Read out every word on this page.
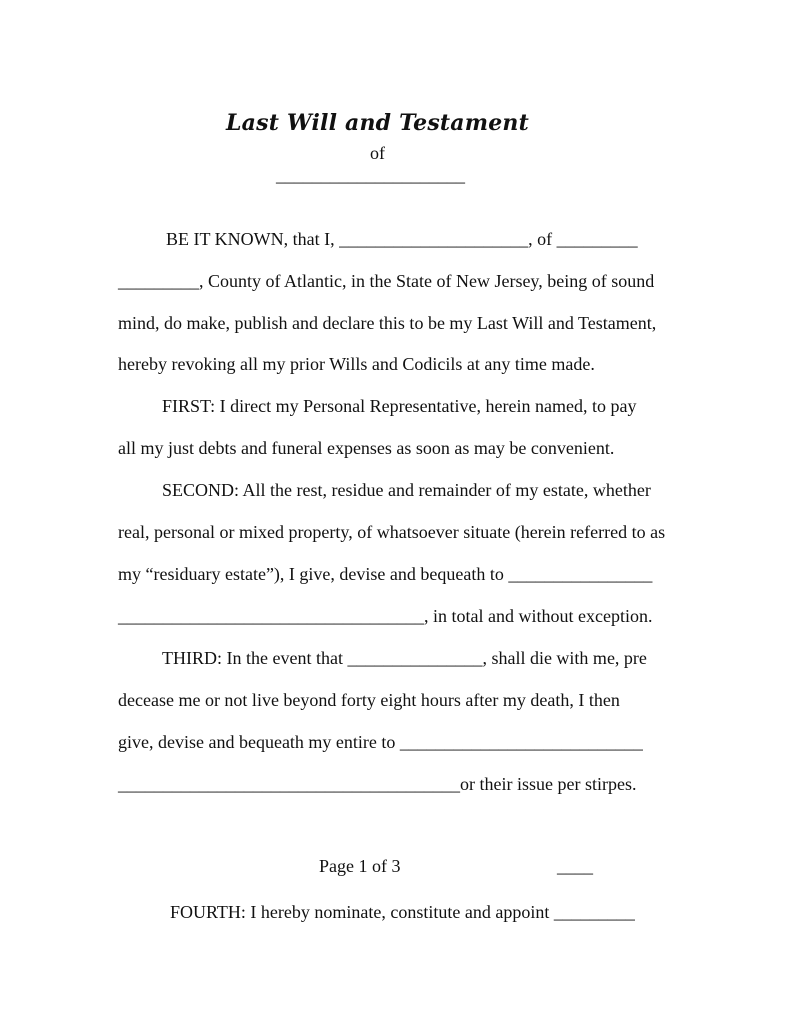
Last Will and Testament
of
_____________________
BE IT KNOWN, that I, _____________________, of _________
_________, County of Atlantic, in the State of New Jersey, being of sound
mind, do make, publish and declare this to be my Last Will and Testament,
hereby revoking all my prior Wills and Codicils at any time made.
FIRST: I direct my Personal Representative, herein named, to pay
all my just debts and funeral expenses as soon as may be convenient.
SECOND: All the rest, residue and remainder of my estate, whether
real, personal or mixed property, of whatsoever situate (herein referred to as
my “residuary estate”), I give, devise and bequeath to ________________
__________________________________, in total and without exception.
THIRD: In the event that _______________, shall die with me, pre
decease me or not live beyond forty eight hours after my death, I then
give, devise and bequeath my entire to ___________________________
______________________________________or their issue per stirpes.
Page 1 of 3	____
FOURTH: I hereby nominate, constitute and appoint _________
